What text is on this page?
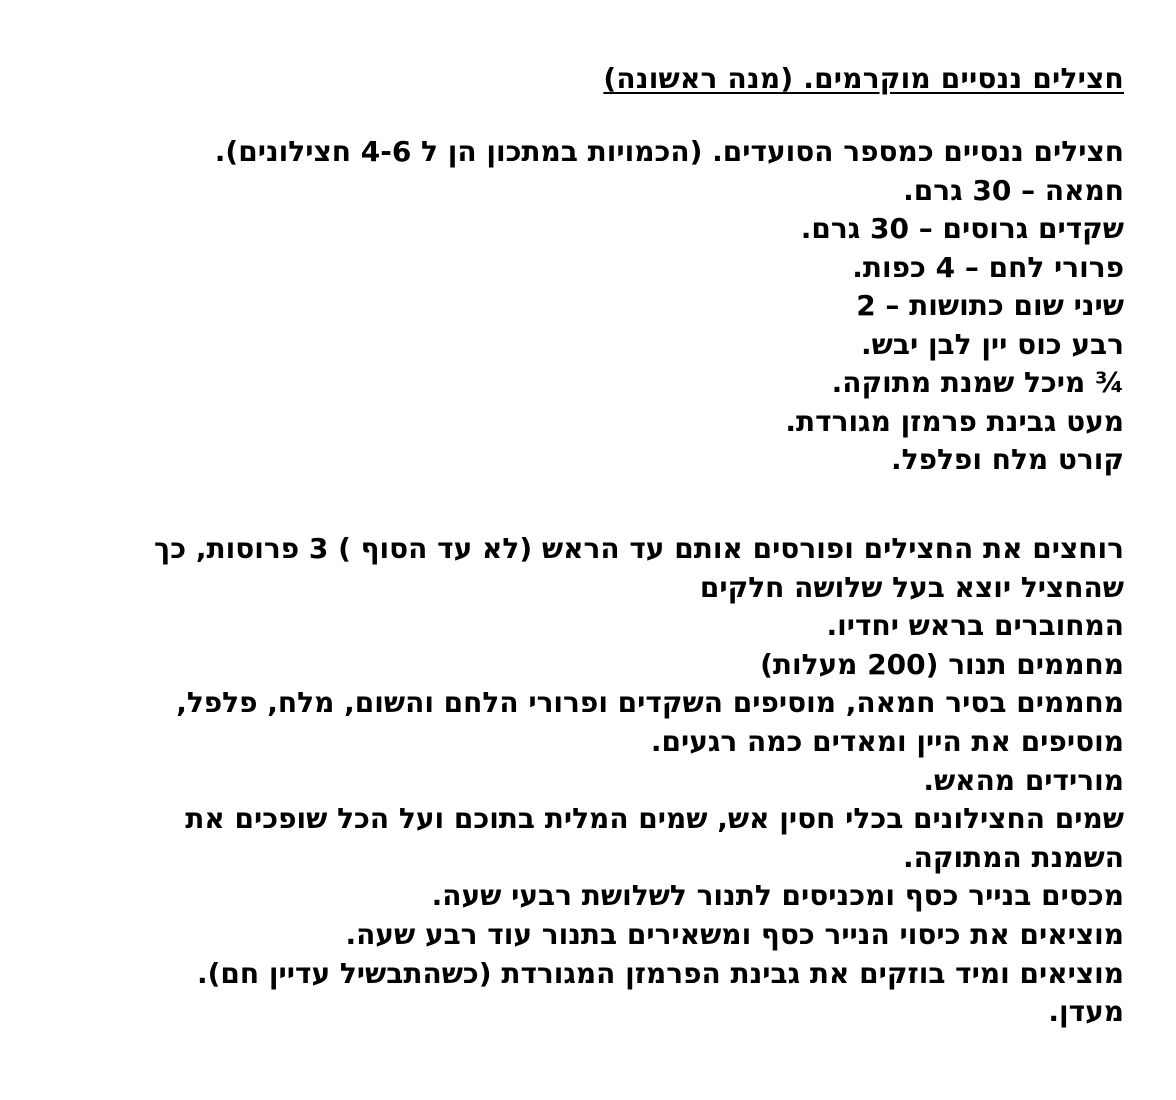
חצילים ננסיים מוקרמים. (מנה ראשונה)
חצילים ננסיים כמספר הסועדים. (הכמויות במתכון הן ל 4-6 חצילונים).
חמאה – 30 גרם.
שקדים גרוסים – 30 גרם.
פרורי לחם – 4 כפות.
שיני שום כתושות – 2
רבע כוס יין לבן יבש.
¾ מיכל שמנת מתוקה.
מעט גבינת פרמזן מגורדת.
קורט מלח ופלפל.
רוחצים את החצילים ופורסים אותם עד הראש (לא עד הסוף ) 3 פרוסות, כך
שהחציל יוצא בעל שלושה חלקים
המחוברים בראש יחדיו.
מחממים תנור (200 מעלות)
מחממים בסיר חמאה, מוסיפים השקדים ופרורי הלחם והשום, מלח, פלפל,
מוסיפים את היין ומאדים כמה רגעים.
מורידים מהאש.
שמים החצילונים בכלי חסין אש, שמים המלית בתוכם ועל הכל שופכים את
השמנת המתוקה.
מכסים בנייר כסף ומכניסים לתנור לשלושת רבעי שעה.
מוציאים את כיסוי הנייר כסף ומשאירים בתנור עוד רבע שעה.
מוציאים ומיד בוזקים את גבינת הפרמזן המגורדת (כשהתבשיל עדיין חם).
מעדן.
